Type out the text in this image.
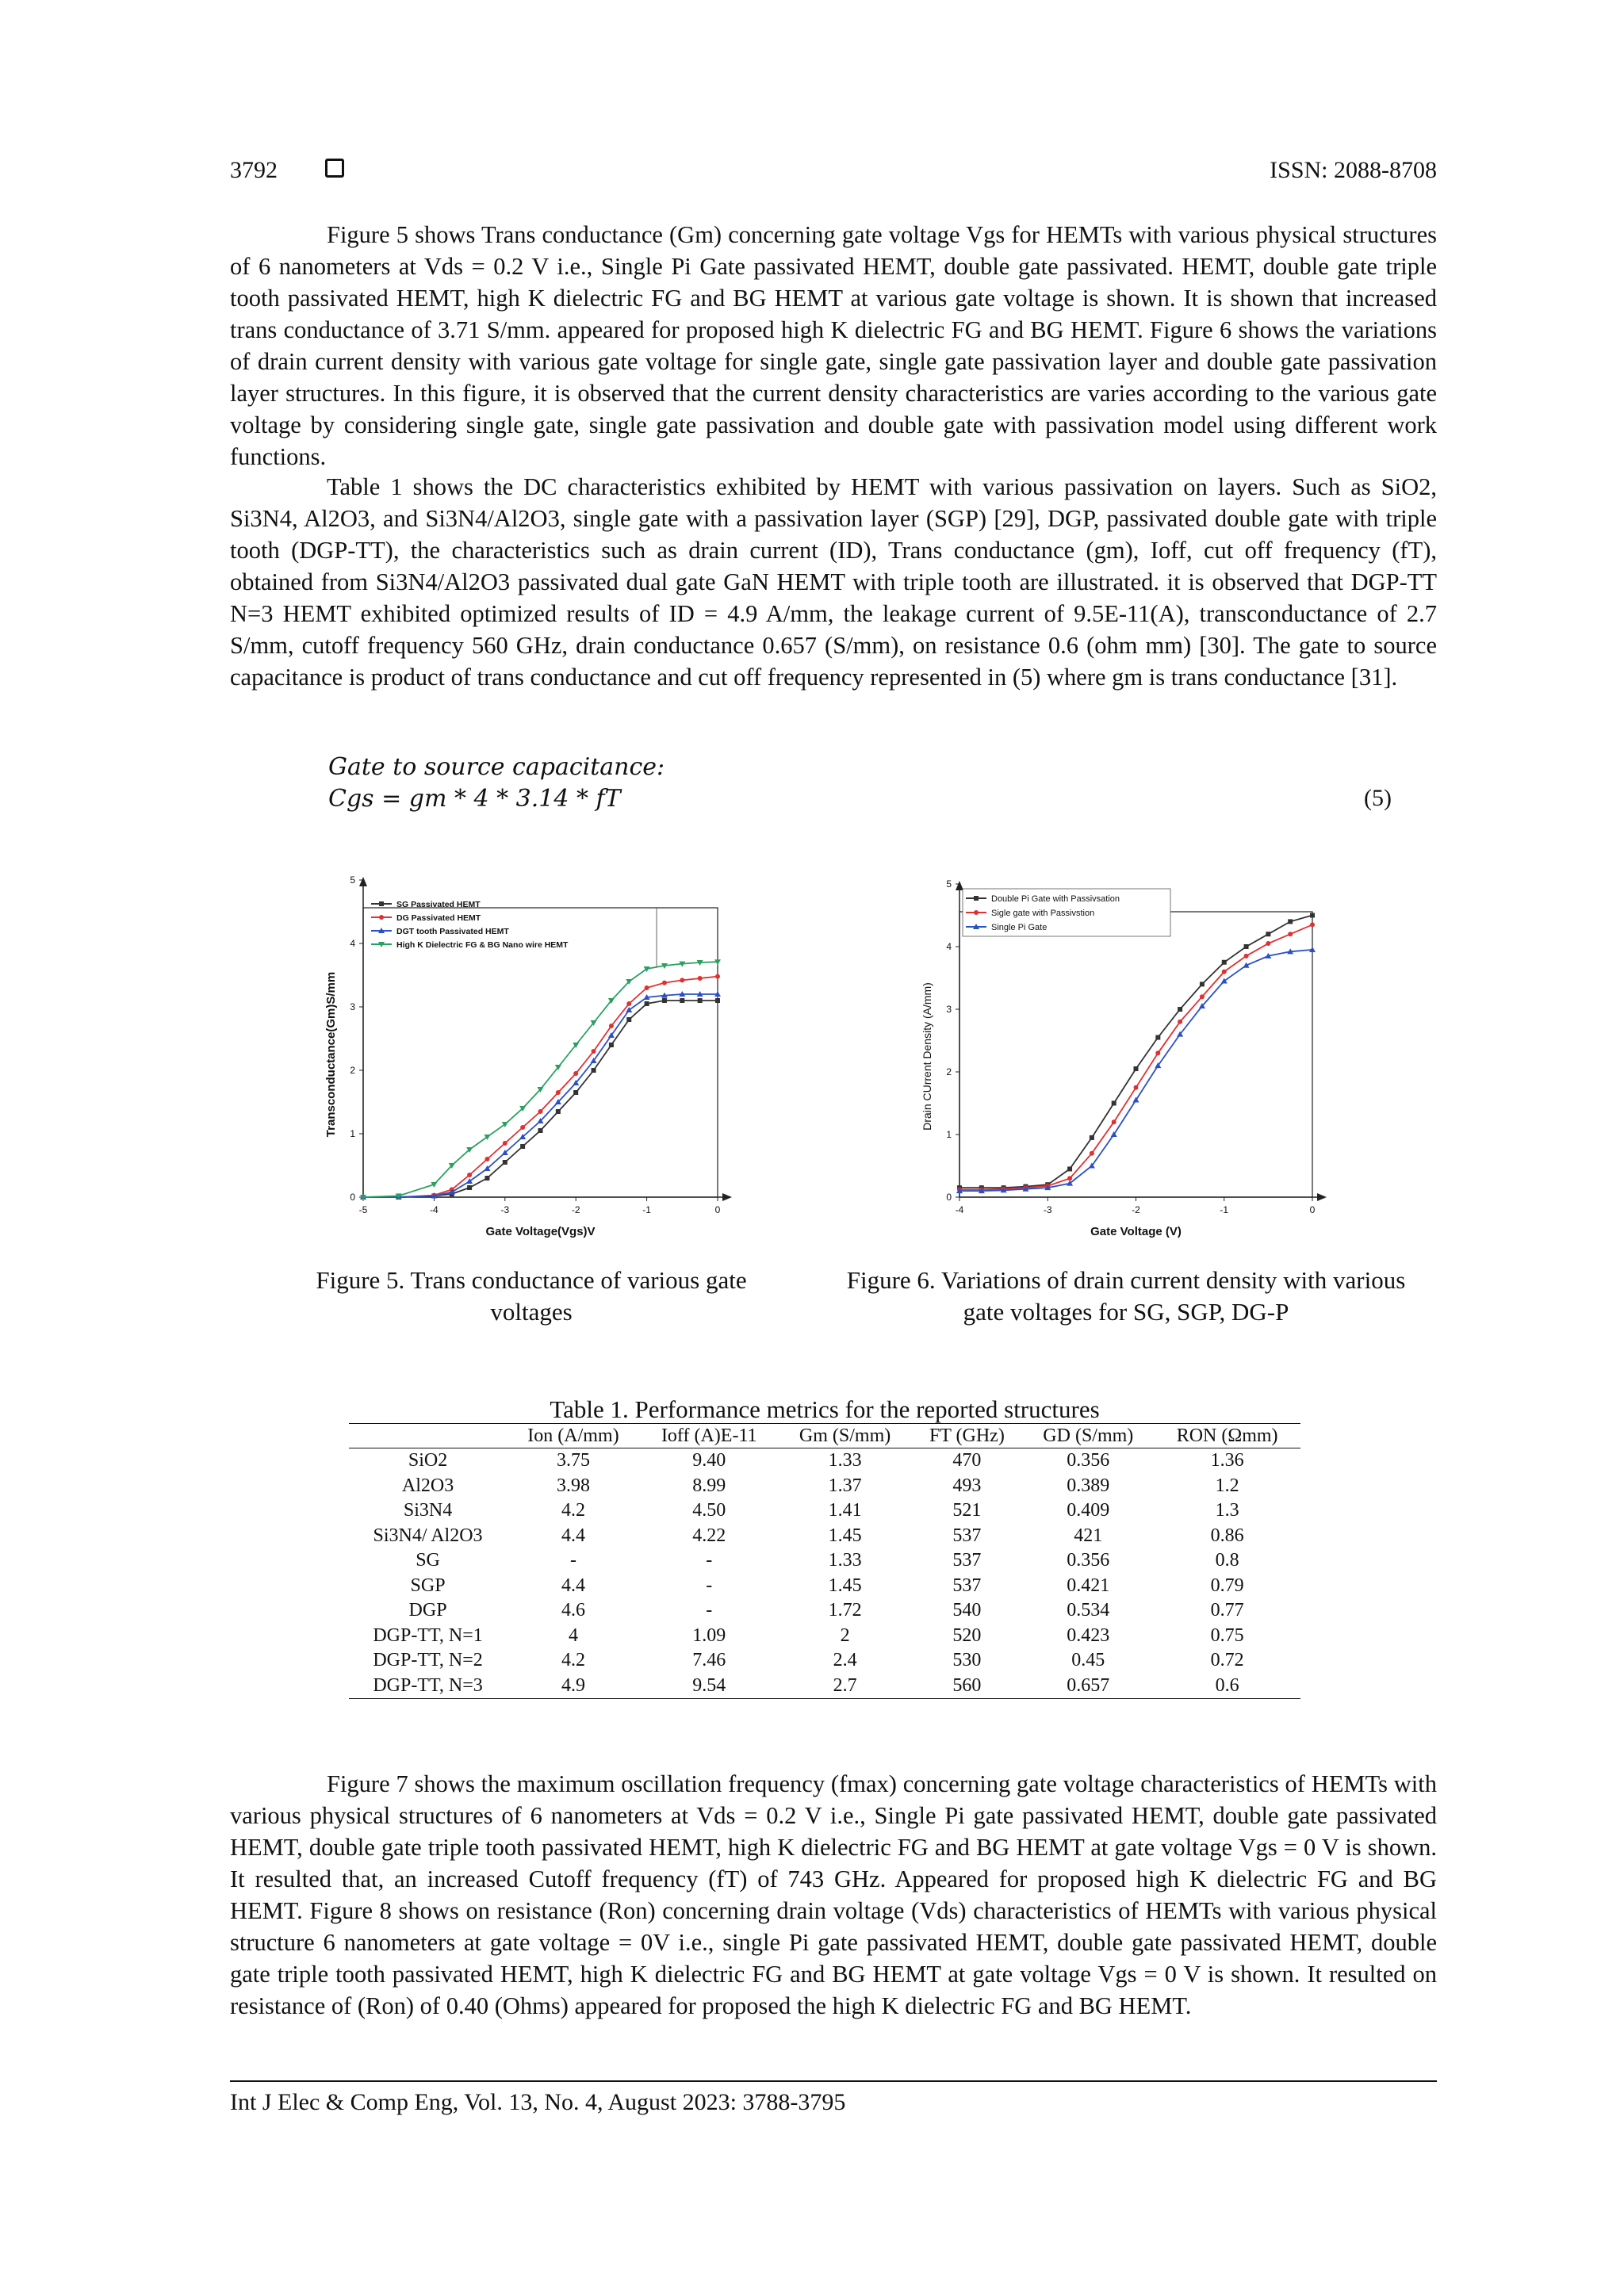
3792	ISSN: 2088-8708

Figure 5 shows Trans conductance (Gm) concerning gate voltage Vgs for HEMTs with various physical structures of 6 nanometers at Vds = 0.2 V i.e., Single Pi Gate passivated HEMT, double gate passivated. HEMT, double gate triple tooth passivated HEMT, high K dielectric FG and BG HEMT at various gate voltage is shown. It is shown that increased trans conductance of 3.71 S/mm. appeared for proposed high K dielectric FG and BG HEMT. Figure 6 shows the variations of drain current density with various gate voltage for single gate, single gate passivation layer and double gate passivation layer structures. In this figure, it is observed that the current density characteristics are varies according to the various gate voltage by considering single gate, single gate passivation and double gate with passivation model using different work functions.

Table 1 shows the DC characteristics exhibited by HEMT with various passivation on layers. Such as SiO2, Si3N4, Al2O3, and Si3N4/Al2O3, single gate with a passivation layer (SGP) [29], DGP, passivated double gate with triple tooth (DGP-TT), the characteristics such as drain current (ID), Trans conductance (gm), Ioff, cut off frequency (fT), obtained from Si3N4/Al2O3 passivated dual gate GaN HEMT with triple tooth are illustrated. it is observed that DGP-TT N=3 HEMT exhibited optimized results of ID = 4.9 A/mm, the leakage current of 9.5E-11(A), transconductance of 2.7 S/mm, cutoff frequency 560 GHz, drain conductance 0.657 (S/mm), on resistance 0.6 (ohm mm) [30]. The gate to source capacitance is product of trans conductance and cut off frequency represented in (5) where gm is trans conductance [31].

Gate to source capacitance:
Cgs = gm * 4 * 3.14 * fT	(5)
-5	-4	-3	-2	-1	0
0
1
2
3
4
5
Gate Voltage(Vgs)V
Transconductance(Gm)S/mm
SG Passivated HEMT
DG Passivated HEMT
DGT tooth Passivated HEMT
High K Dielectric FG & BG Nano wire HEMT
-4	-3	-2	-1	0
0
1
2
3
4
5
Gate Voltage (V)
Drain CUrrent Density (A/mm)
Double Pi Gate with Passivsation
Sigle gate with Passivstion
Single Pi Gate
Figure 5. Trans conductance of various gate voltages
Figure 6. Variations of drain current density with various gate voltages for SG, SGP, DG-P
Table 1. Performance metrics for the reported structures
	Ion (A/mm)	Ioff (A)E-11	Gm (S/mm)	FT (GHz)	GD (S/mm)	RON (Ωmm)
SiO2	3.75	9.40	1.33	470	0.356	1.36
Al2O3	3.98	8.99	1.37	493	0.389	1.2
Si3N4	4.2	4.50	1.41	521	0.409	1.3
Si3N4/ Al2O3	4.4	4.22	1.45	537	421	0.86
SG	-	-	1.33	537	0.356	0.8
SGP	4.4	-	1.45	537	0.421	0.79
DGP	4.6	-	1.72	540	0.534	0.77
DGP-TT, N=1	4	1.09	2	520	0.423	0.75
DGP-TT, N=2	4.2	7.46	2.4	530	0.45	0.72
DGP-TT, N=3	4.9	9.54	2.7	560	0.657	0.6

Figure 7 shows the maximum oscillation frequency (fmax) concerning gate voltage characteristics of HEMTs with various physical structures of 6 nanometers at Vds = 0.2 V i.e., Single Pi gate passivated HEMT, double gate passivated HEMT, double gate triple tooth passivated HEMT, high K dielectric FG and BG HEMT at gate voltage Vgs = 0 V is shown. It resulted that, an increased Cutoff frequency (fT) of 743 GHz. Appeared for proposed high K dielectric FG and BG HEMT. Figure 8 shows on resistance (Ron) concerning drain voltage (Vds) characteristics of HEMTs with various physical structure 6 nanometers at gate voltage = 0V i.e., single Pi gate passivated HEMT, double gate passivated HEMT, double gate triple tooth passivated HEMT, high K dielectric FG and BG HEMT at gate voltage Vgs = 0 V is shown. It resulted on resistance of (Ron) of 0.40 (Ohms) appeared for proposed the high K dielectric FG and BG HEMT.

Int J Elec & Comp Eng, Vol. 13, No. 4, August 2023: 3788-3795
